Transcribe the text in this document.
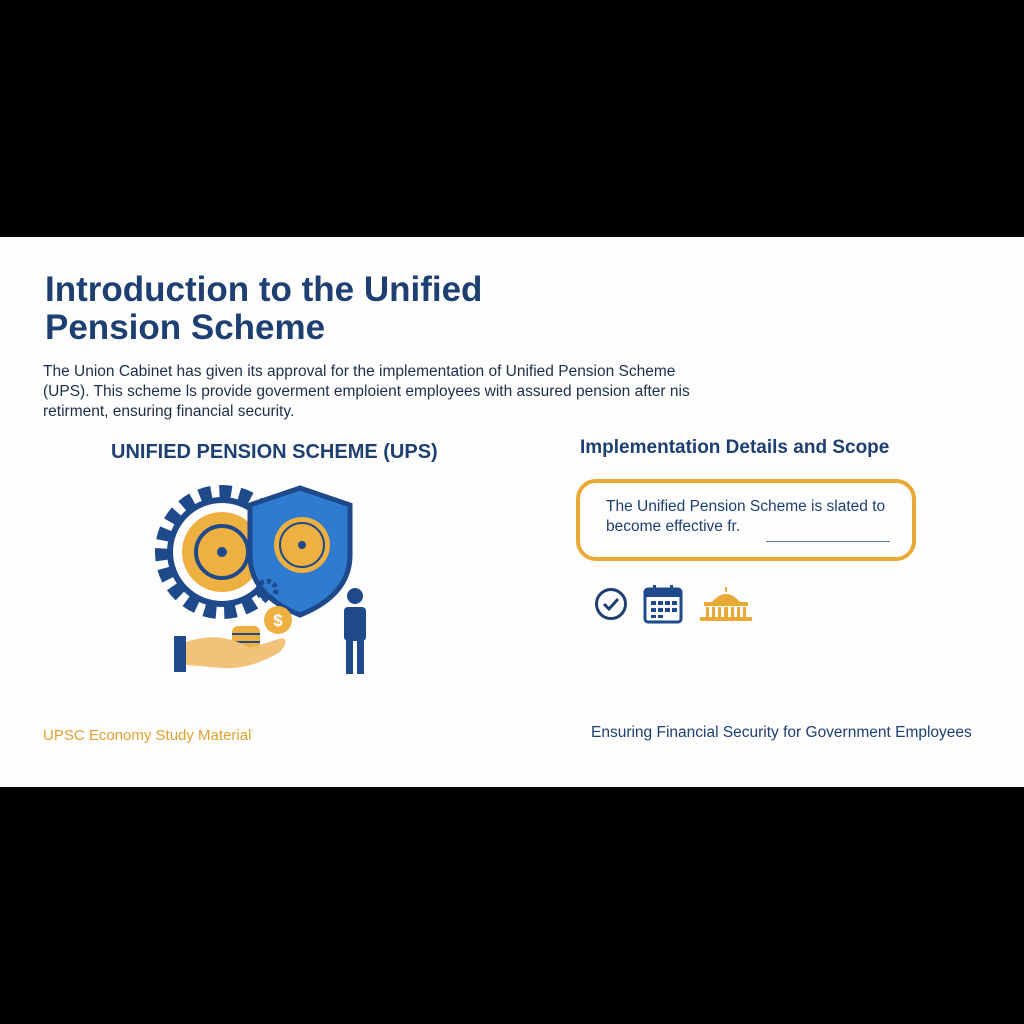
Introduction to the Unified Pension Scheme
The Union Cabinet has given its approval for the implementation of Unified Pension Scheme (UPS). This scheme ls provide goverment emploient employees with assured pension after nis retirment, ensuring financial security.
UNIFIED PENSION SCHEME (UPS)
$
Implementation Details and Scope
The Unified Pension Scheme is slated to become effective fr.
UPSC Economy Study Material	Ensuring Financial Security for Government Employees
